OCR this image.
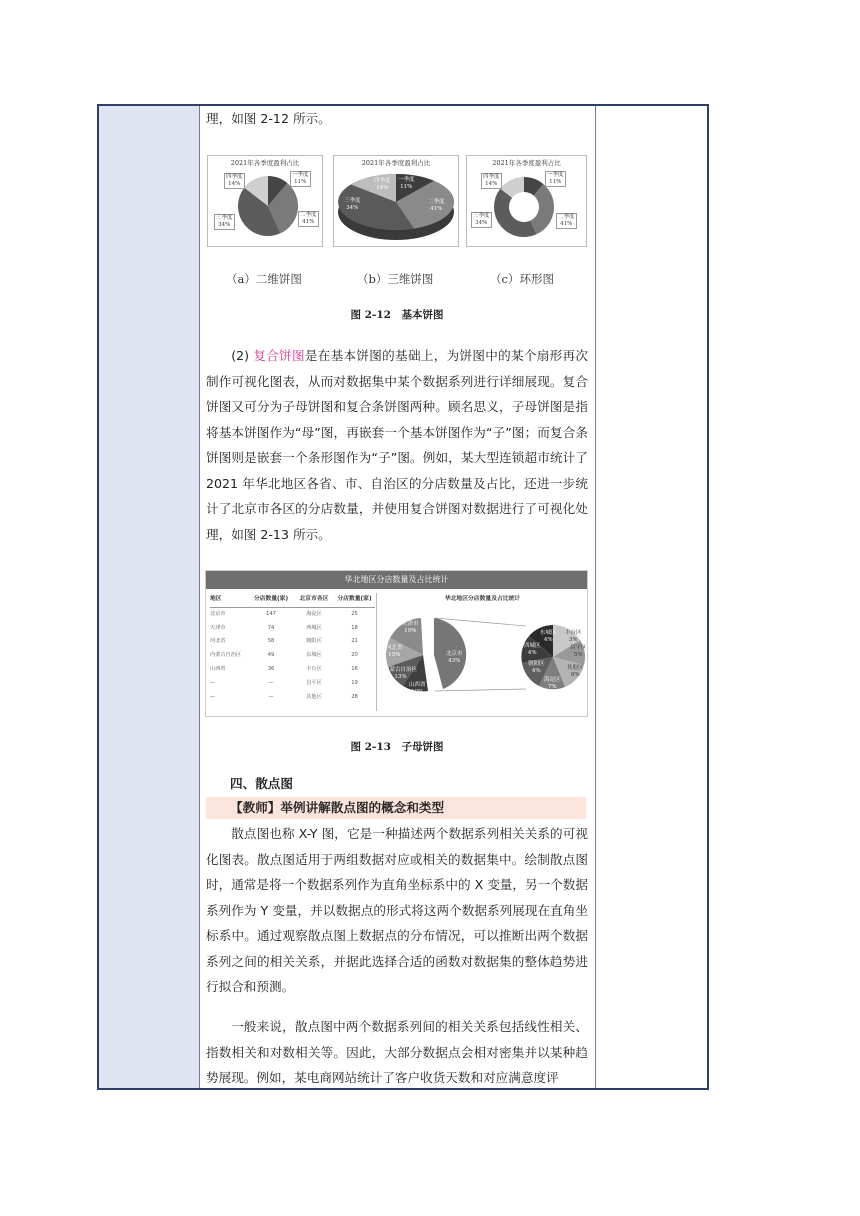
理，如图 2-12 所示。

2021年各季度盈利占比
一季度
11%
二季度
41%
三季度
34%
四季度
14%
2021年各季度盈利占比
一季度
11%
二季度
41%
三季度
34%
四季度
14%
2021年各季度盈利占比
一季度
11%
二季度
41%
三季度
34%
四季度
14%
（a）二维饼图	（b）三维饼图	（c）环形图

图 2-12　基本饼图

(2) 复合饼图是在基本饼图的基础上，为饼图中的某个扇形再次制作可视化图表，从而对数据集中某个数据系列进行详细展现。复合饼图又可分为子母饼图和复合条饼图两种。顾名思义，子母饼图是指将基本饼图作为“母”图，再嵌套一个基本饼图作为“子”图；而复合条饼图则是嵌套一个条形图作为“子”图。例如，某大型连锁超市统计了 2021 年华北地区各省、市、自治区的分店数量及占比，还进一步统计了北京市各区的分店数量，并使用复合饼图对数据进行了可视化处理，如图 2-13 所示。

华北地区分店数量及占比统计
地区	分店数量(家)	北京市各区	分店数量(家)
北京市	147	海淀区	25
天津市	74	西城区	18
河北省	58	朝阳区	21
内蒙古自治区	49	东城区	20
山西省	36	丰台区	16
—	—	昌平区	19
—	—	其他区	28
华北地区分店数量及占比统计
天津市
19%
河北省
15%
内蒙古自治区
13%
山西省
10%
北京市
43%
东城区
4%
西城区
4%
朝阳区
4%
海淀区
7%
丰台区
3%
昌平区
5%
其他区
8%

图 2-13　子母饼图

四、散点图
【教师】举例讲解散点图的概念和类型

散点图也称 X-Y 图，它是一种描述两个数据系列相关关系的可视化图表。散点图适用于两组数据对应或相关的数据集中。绘制散点图时，通常是将一个数据系列作为直角坐标系中的 X 变量，另一个数据系列作为 Y 变量，并以数据点的形式将这两个数据系列展现在直角坐标系中。通过观察散点图上数据点的分布情况，可以推断出两个数据系列之间的相关关系，并据此选择合适的函数对数据集的整体趋势进行拟合和预测。

一般来说，散点图中两个数据系列间的相关关系包括线性相关、指数相关和对数相关等。因此，大部分数据点会相对密集并以某种趋势展现。例如，某电商网站统计了客户收货天数和对应满意度评
